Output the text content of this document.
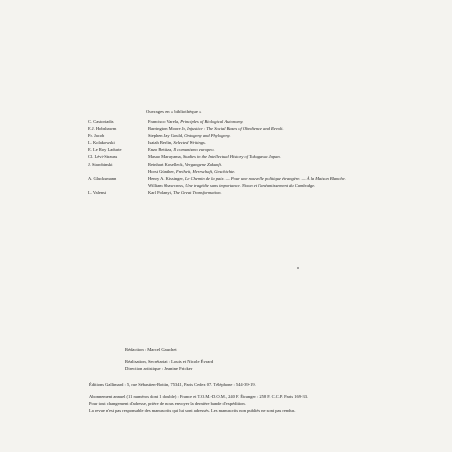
Ouvrages en « bibliothèque »
C. Castoriadis	Francisco Varela, Principles of Biological Autonomy.
E.J. Hobsbawm	Barrington Moore Jr, Injustice : The Social Bases of Obedience and Revolt.
Fr. Jacob	Stephen Jay Gould, Ontogeny and Phylogeny.
L. Kolakowski	Isaiah Berlin, Selected Writings.
E. Le Roy Ladurie	Enzo Bettiza, Il comunismo europeo.
Cl. Lévi-Strauss	Masao Maruyama, Studies in the Intellectual History of Tokugawa Japan.
J. Starobinski	Reinhart Koselleck, Vergangene Zukunft.
Horst Günther, Freiheit, Herrschaft, Geschichte.
A. Glucksmann	Henry A. Kissinger, Le Chemin de la paix. — Pour une nouvelle politique étrangère. — À la Maison Blanche.
William Shawcross, Une tragédie sans importance. Nixon et l'anéantissement du Cambodge.
L. Valensi	Karl Polanyi, The Great Transformation.
Rédaction : Marcel Gauchet
Réalisation, Secrétariat : Louis et Nicole Évrard
Direction artistique : Jeanine Fricker
Éditions Gallimard : 5, rue Sébastien-Bottin, 75341, Paris Cedex 07. Téléphone : 544-39-19.
Abonnement annuel (11 numéros dont 1 double) : France et T.O.M.-D.O.M., 240 F. Étranger : 258 F. C.C.P. Paris 169-33.
Pour tout changement d'adresse, prière de nous envoyer la dernière bande d'expédition.
La revue n'est pas responsable des manuscrits qui lui sont adressés. Les manuscrits non publiés ne sont pas rendus.
